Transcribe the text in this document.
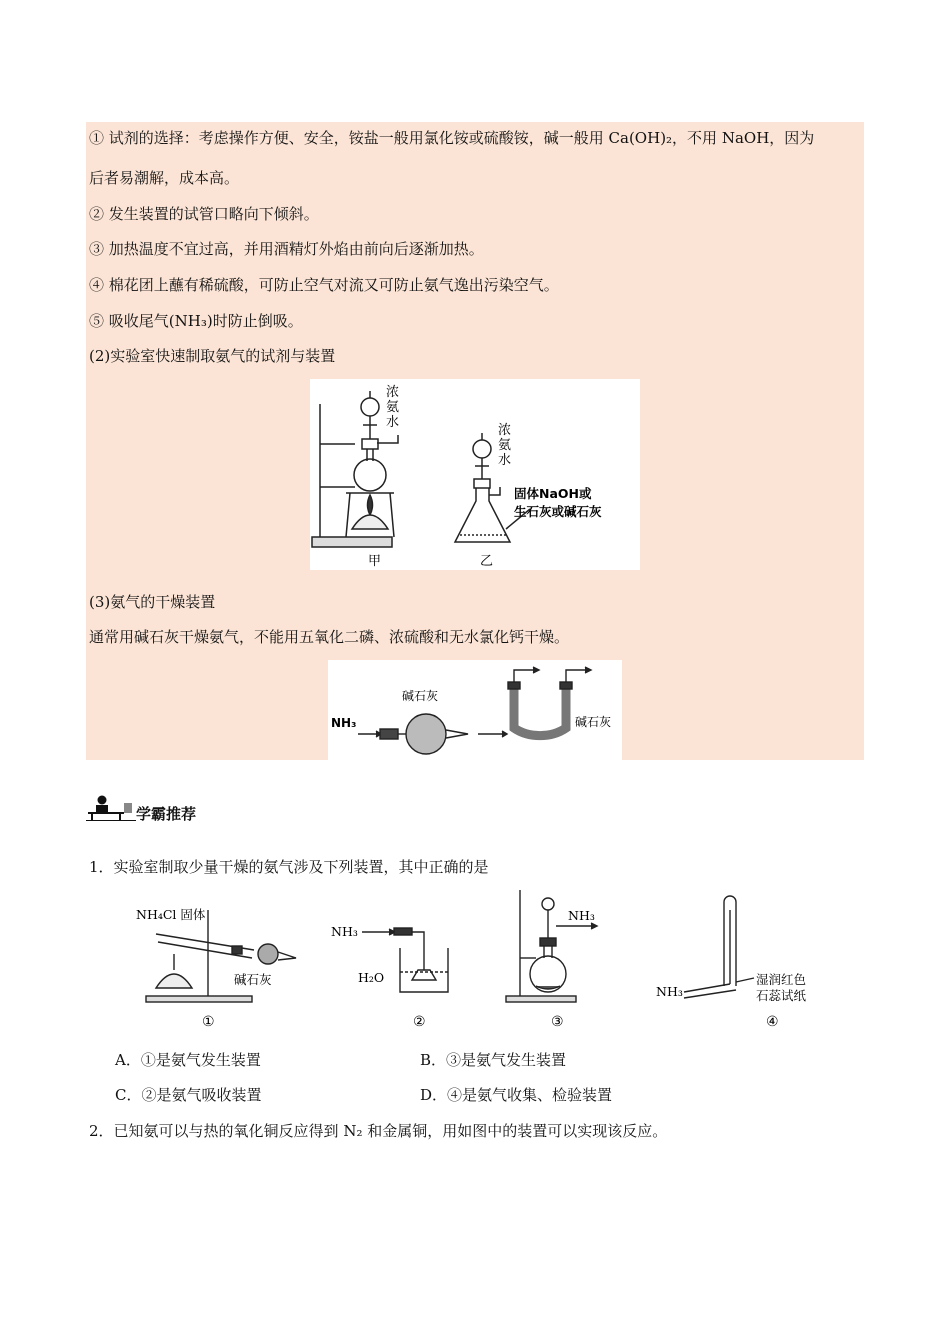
① 试剂的选择：考虑操作方便、安全，铵盐一般用氯化铵或硫酸铵，碱一般用 Ca(OH)₂，不用 NaOH，因为
后者易潮解，成本高。
② 发生装置的试管口略向下倾斜。
③ 加热温度不宜过高，并用酒精灯外焰由前向后逐渐加热。
④ 棉花团上蘸有稀硫酸，可防止空气对流又可防止氨气逸出污染空气。
⑤ 吸收尾气(NH₃)时防止倒吸。
(2)实验室快速制取氨气的试剂与装置
浓
氨
水
甲
浓
氨
水
固体NaOH或
生石灰或碱石灰
乙
(3)氨气的干燥装置
通常用碱石灰干燥氨气，不能用五氧化二磷、浓硫酸和无水氯化钙干燥。
NH₃
碱石灰
碱石灰
学霸推荐
1．实验室制取少量干燥的氨气涉及下列装置，其中正确的是
NH₄Cl 固体
碱石灰
①
NH₃
H₂O
②
NH₃
③
NH₃
湿润红色
石蕊试纸
④
A．①是氨气发生装置	B．③是氨气发生装置
C．②是氨气吸收装置	D．④是氨气收集、检验装置
2．已知氨可以与热的氧化铜反应得到 N₂ 和金属铜，用如图中的装置可以实现该反应。
